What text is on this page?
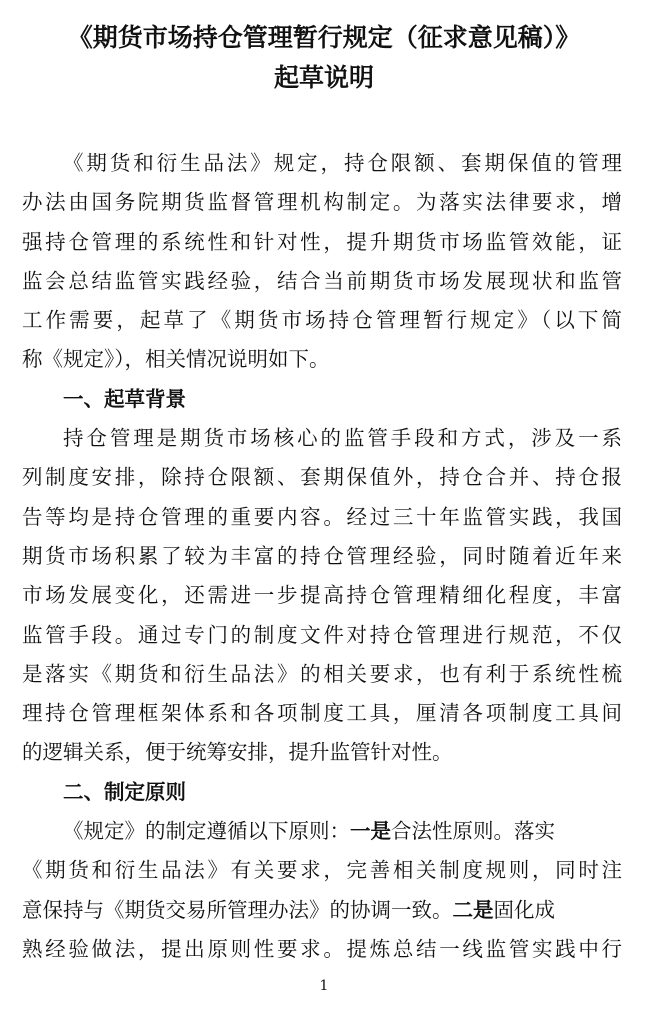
《期货市场持仓管理暂行规定（征求意见稿）》
起草说明
《期货和衍生品法》规定，持仓限额、套期保值的管理
办法由国务院期货监督管理机构制定。为落实法律要求，增
强持仓管理的系统性和针对性，提升期货市场监管效能，证
监会总结监管实践经验，结合当前期货市场发展现状和监管
工作需要，起草了《期货市场持仓管理暂行规定》（以下简
称《规定》），相关情况说明如下。
一、起草背景
持仓管理是期货市场核心的监管手段和方式，涉及一系
列制度安排，除持仓限额、套期保值外，持仓合并、持仓报
告等均是持仓管理的重要内容。经过三十年监管实践，我国
期货市场积累了较为丰富的持仓管理经验，同时随着近年来
市场发展变化，还需进一步提高持仓管理精细化程度，丰富
监管手段。通过专门的制度文件对持仓管理进行规范，不仅
是落实《期货和衍生品法》的相关要求，也有利于系统性梳
理持仓管理框架体系和各项制度工具，厘清各项制度工具间
的逻辑关系，便于统筹安排，提升监管针对性。
二、制定原则
《规定》的制定遵循以下原则：一是合法性原则。落实
《期货和衍生品法》有关要求，完善相关制度规则，同时注
意保持与《期货交易所管理办法》的协调一致。二是固化成
熟经验做法，提出原则性要求。提炼总结一线监管实践中行
1
